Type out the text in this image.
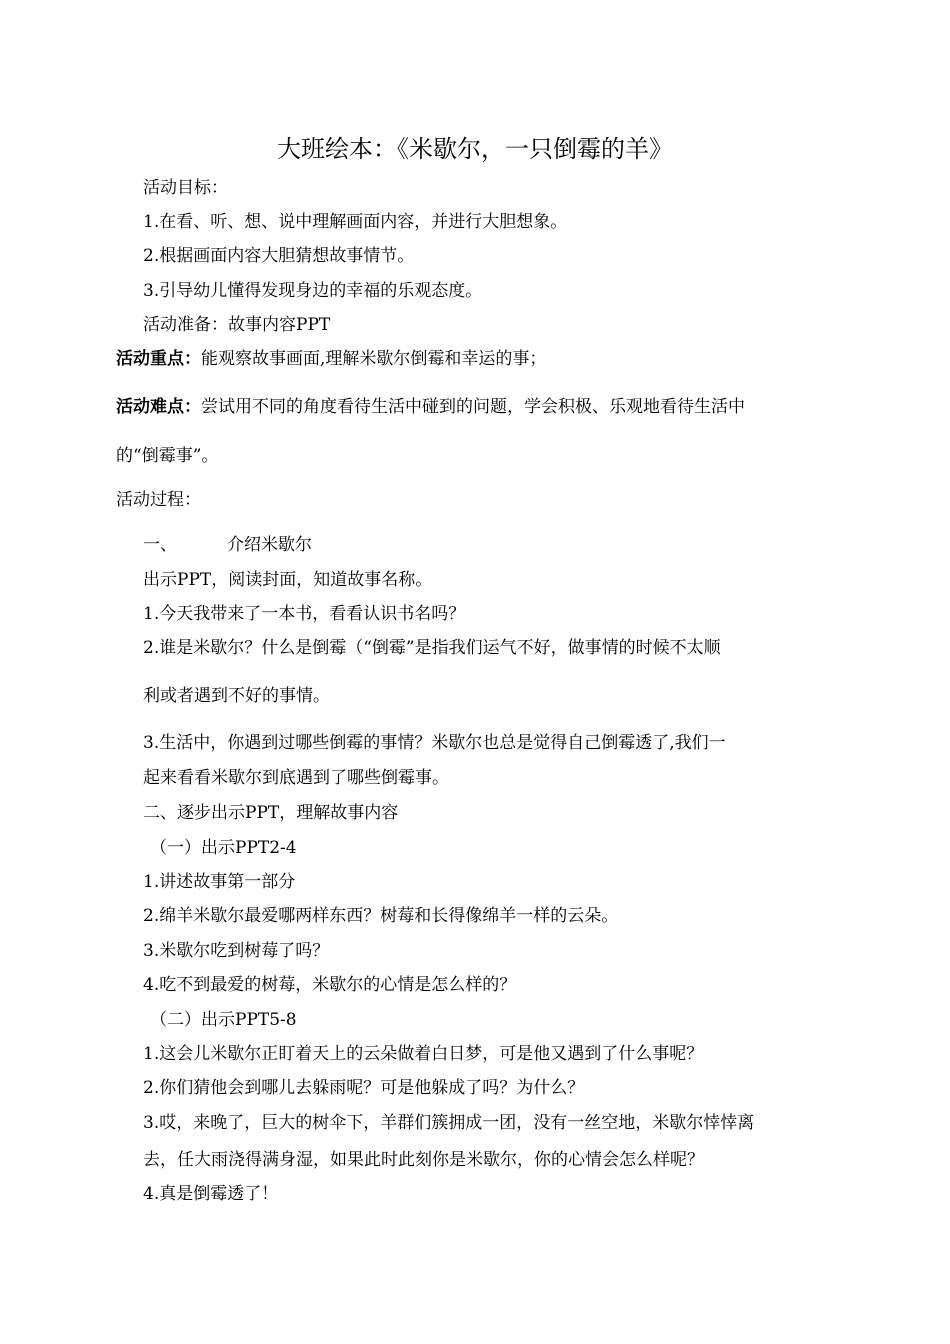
大班绘本：《米歇尔，一只倒霉的羊》
活动目标：
1.在看、听、想、说中理解画面内容，并进行大胆想象。
2.根据画面内容大胆猜想故事情节。
3.引导幼儿懂得发现身边的幸福的乐观态度。
活动准备：故事内容PPT
活动重点：能观察故事画面,理解米歇尔倒霉和幸运的事；
活动难点：尝试用不同的角度看待生活中碰到的问题，学会积极、乐观地看待生活中
的“倒霉事”。
活动过程：
一、	介绍米歇尔
出示PPT，阅读封面，知道故事名称。
1.今天我带来了一本书，看看认识书名吗？
2.谁是米歇尔？什么是倒霉（“倒霉”是指我们运气不好，做事情的时候不太顺
利或者遇到不好的事情。
3.生活中，你遇到过哪些倒霉的事情？米歇尔也总是觉得自己倒霉透了,我们一
起来看看米歇尔到底遇到了哪些倒霉事。
二、逐步出示PPT，理解故事内容
（一）出示PPT2-4
1.讲述故事第一部分
2.绵羊米歇尔最爱哪两样东西？树莓和长得像绵羊一样的云朵。
3.米歇尔吃到树莓了吗？
4.吃不到最爱的树莓，米歇尔的心情是怎么样的？
（二）出示PPT5-8
1.这会儿米歇尔正盯着天上的云朵做着白日梦，可是他又遇到了什么事呢？
2.你们猜他会到哪儿去躲雨呢？可是他躲成了吗？为什么？
3.哎，来晚了，巨大的树伞下，羊群们簇拥成一团，没有一丝空地，米歇尔悻悻离
去，任大雨浇得满身湿，如果此时此刻你是米歇尔，你的心情会怎么样呢？
4.真是倒霉透了！
